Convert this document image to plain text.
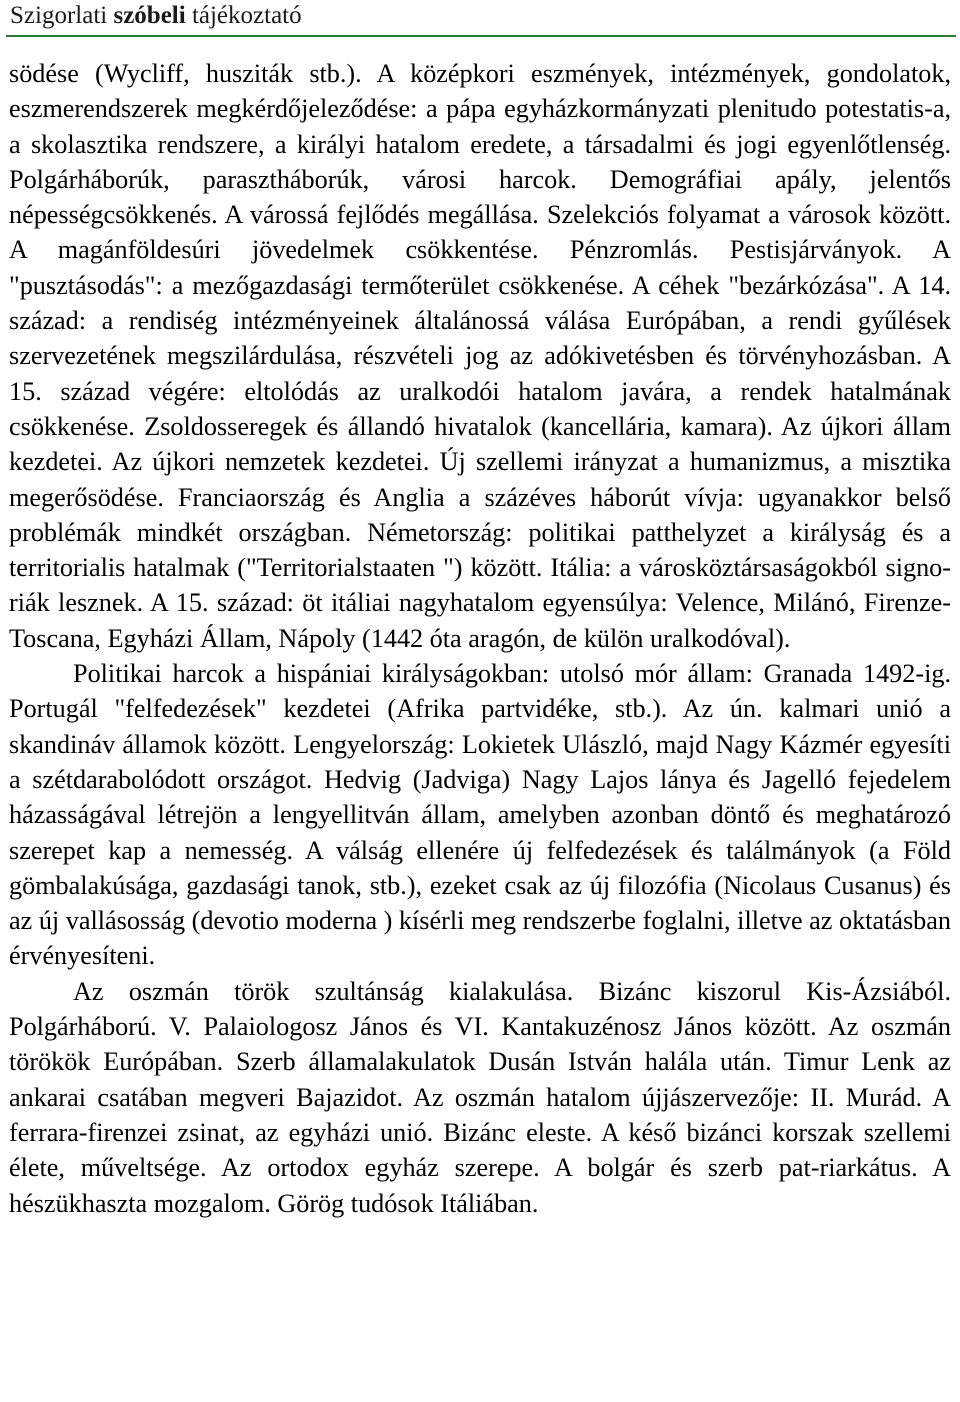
Szigorlati szóbeli tájékoztató

södése (Wycliff, husziták stb.). A középkori eszmények, intézmények, gondolatok, eszmerendszerek megkérdőjeleződése: a pápa egyházkormányzati plenitudo potestatis-a, a skolasztika rendszere, a királyi hatalom eredete, a társadalmi és jogi egyenlőtlenség. Polgárháborúk, parasztháborúk, városi harcok. Demográfiai apály, jelentős népességcsökkenés. A várossá fejlődés megállása. Szelekciós folyamat a városok között. A magánföldesúri jövedelmek csökkentése. Pénzromlás. Pestisjárványok. A "pusztásodás": a mezőgazdasági termőterület csökkenése. A céhek "bezárkózása". A 14. század: a rendiség intézményeinek általánossá válása Európában, a rendi gyűlések szervezetének megszilárdulása, részvételi jog az adókivetésben és törvényhozásban. A 15. század végére: eltolódás az uralkodói hatalom javára, a rendek hatalmának csökkenése. Zsoldosseregek és állandó hivatalok (kancellária, kamara). Az újkori állam kezdetei. Az újkori nemzetek kezdetei. Új szellemi irányzat a humanizmus, a misztika megerősödése. Franciaország és Anglia a százéves háborút vívja: ugyanakkor belső problémák mindkét országban. Németország: politikai patthelyzet a királyság és a territorialis hatalmak ("Territorialstaaten ") között. Itália: a városköztársaságokból signoriák lesznek. A 15. század: öt itáliai nagyhatalom egyensúlya: Velence, Milánó, Firenze-Toscana, Egyházi Állam, Nápoly (1442 óta aragón, de külön uralkodóval).

Politikai harcok a hispániai királyságokban: utolsó mór állam: Granada 1492-ig. Portugál "felfedezések" kezdetei (Afrika partvidéke, stb.). Az ún. kalmari unió a skandináv államok között. Lengyelország: Lokietek Ulászló, majd Nagy Kázmér egyesíti a szétdarabolódott országot. Hedvig (Jadviga) Nagy Lajos lánya és Jagelló fejedelem házasságával létrejön a lengyellitván állam, amelyben azonban döntő és meghatározó szerepet kap a nemesség. A válság ellenére új felfedezések és találmányok (a Föld gömbalakúsága, gazdasági tanok, stb.), ezeket csak az új filozófia (Nicolaus Cusanus) és az új vallásosság (devotio moderna ) kísérli meg rendszerbe foglalni, illetve az oktatásban érvényesíteni.

Az oszmán török szultánság kialakulása. Bizánc kiszorul Kis-Ázsiából. Polgárháború. V. Palaiologosz János és VI. Kantakuzénosz János között. Az oszmán törökök Európában. Szerb államalakulatok Dusán István halála után. Timur Lenk az ankarai csatában megveri Bajazidot. Az oszmán hatalom újjászervezője: II. Murád. A ferrara-firenzei zsinat, az egyházi unió. Bizánc eleste. A késő bizánci korszak szellemi élete, műveltsége. Az ortodox egyház szerepe. A bolgár és szerb pat-riarkátus. A hészükhaszta mozgalom. Görög tudósok Itáliában.
